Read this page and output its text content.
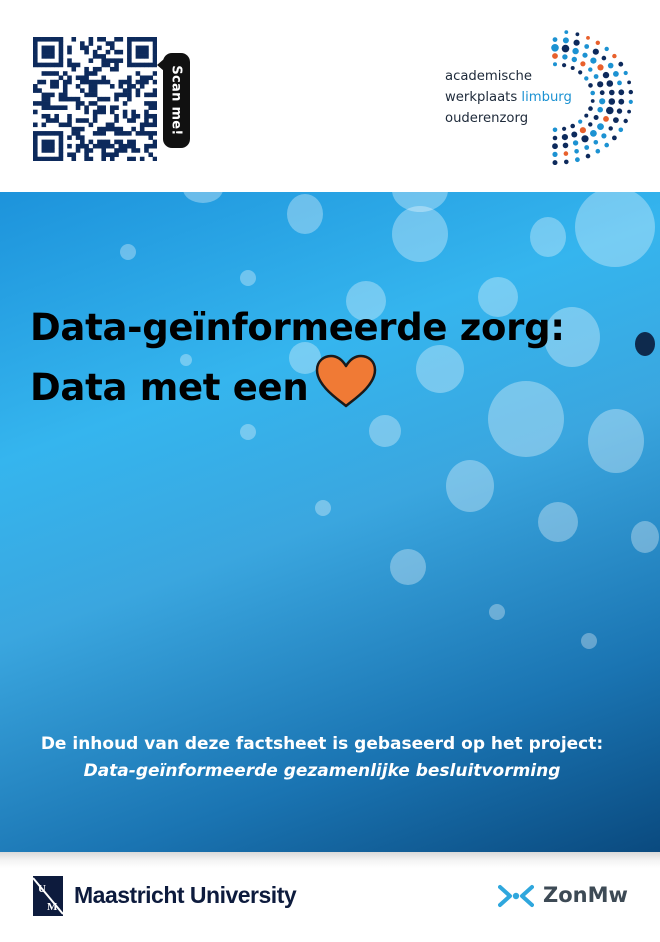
Scan me!	academische
werkplaats limburg
ouderenzorg
Data-geïnformeerde zorg:
Data met een
De inhoud van deze factsheet is gebaseerd op het project:
Data-geïnformeerde gezamenlijke besluitvorming
U
M Maastricht University	ZonMw
